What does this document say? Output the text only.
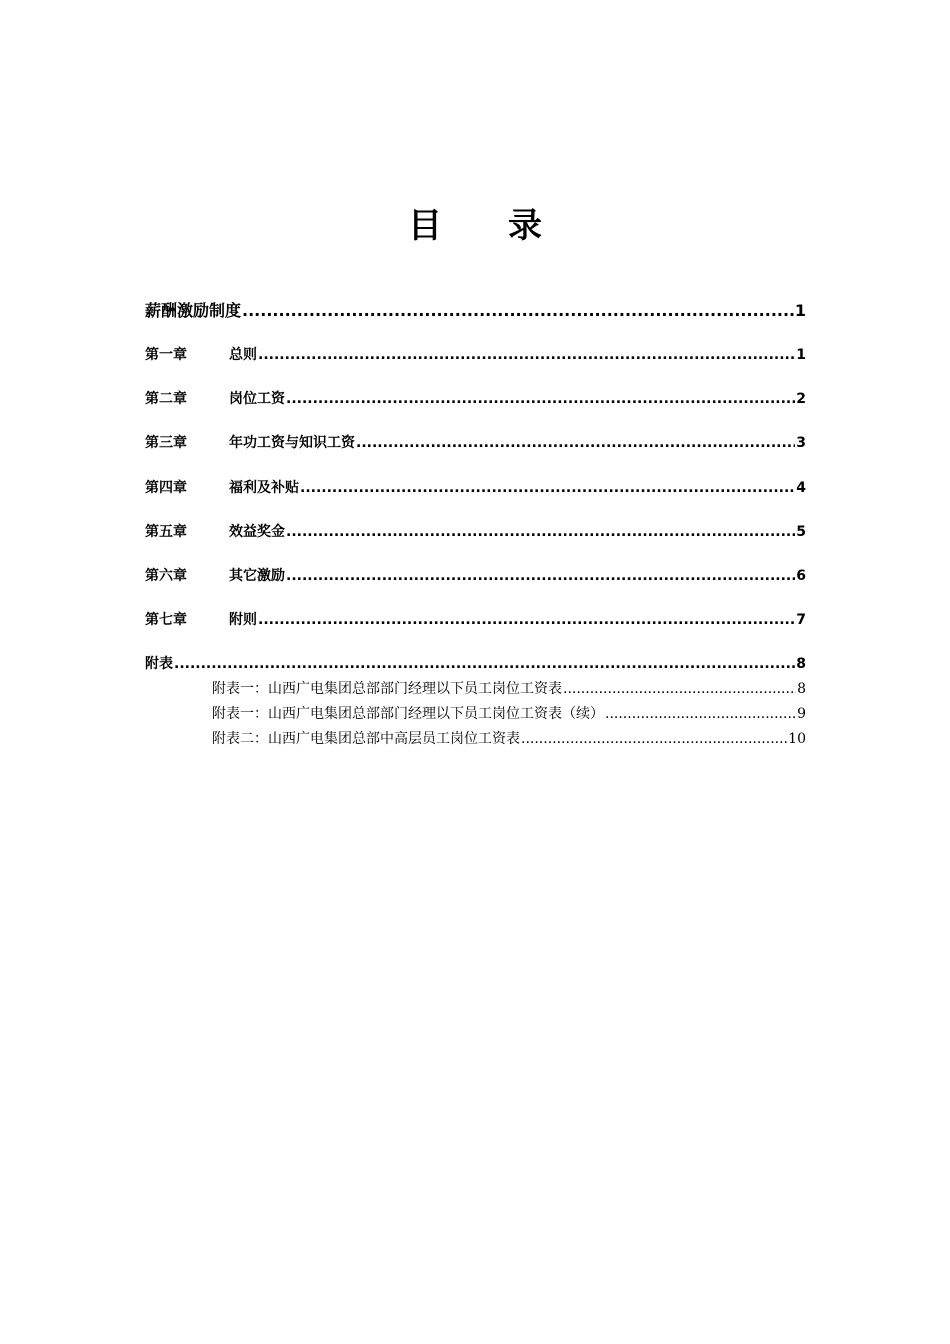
目 录
薪酬激励制度 .....	1
第一章	总则 .....	1
第二章	岗位工资 .....	2
第三章	年功工资与知识工资 .....	3
第四章	福利及补贴 .....	4
第五章	效益奖金 .....	5
第六章	其它激励 .....	6
第七章	附则 .....	7
附表 .....	8
附表一：山西广电集团总部部门经理以下员工岗位工资表 .....	8
附表一：山西广电集团总部部门经理以下员工岗位工资表（续） .....	9
附表二：山西广电集团总部中高层员工岗位工资表 .....	10
